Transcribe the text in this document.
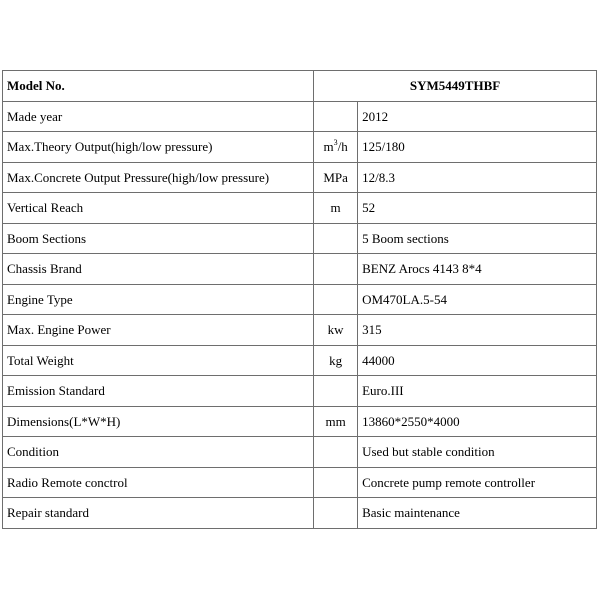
Model No.	SYM5449THBF	
Made year		2012
Max.Theory Output(high/low pressure)	$m^3/h$	125/180
Max.Concrete Output Pressure(high/low pressure)	MPa	12/8.3
Vertical Reach	m	52
Boom Sections		5 Boom sections
Chassis Brand		BENZ Arocs 4143 8*4
Engine Type		OM470LA.5-54
Max. Engine Power	kw	315
Total Weight	kg	44000
Emission Standard		Euro.III
Dimensions(L*W*H)	mm	13860*2550*4000
Condition		Used but stable condition
Radio Remote conctrol		Concrete pump remote controller
Repair standard		Basic maintenance
